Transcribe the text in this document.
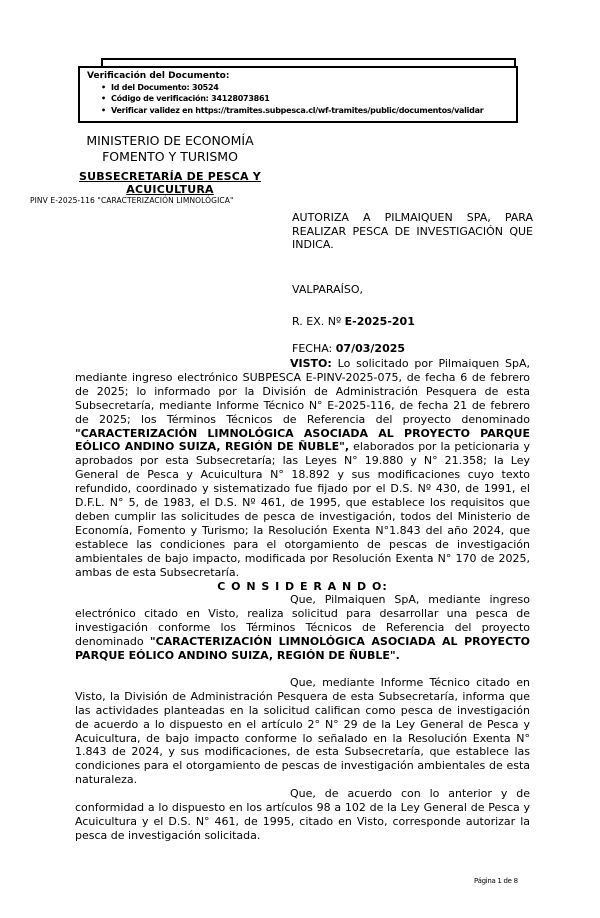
Verificación del Documento:
• Id del Documento: 30524
• Código de verificación: 34128073861
• Verificar validez en https://tramites.subpesca.cl/wf-tramites/public/documentos/validar
MINISTERIO DE ECONOMÍA
FOMENTO Y TURISMO
SUBSECRETARÍA DE PESCA Y
ACUICULTURA
PINV E-2025-116 "CARACTERIZACIÓN LIMNOLÓGICA"
AUTORIZA A PILMAIQUEN SPA, PARA REALIZAR PESCA DE INVESTIGACIÓN QUE INDICA.
VALPARAÍSO,
R. EX. Nº E-2025-201
FECHA: 07/03/2025

VISTO: Lo solicitado por Pilmaiquen SpA, mediante ingreso electrónico SUBPESCA E-PINV-2025-075, de fecha 6 de febrero de 2025; lo informado por la División de Administración Pesquera de esta Subsecretaría, mediante Informe Técnico N° E-2025-116, de fecha 21 de febrero de 2025; los Términos Técnicos de Referencia del proyecto denominado "CARACTERIZACIÓN LIMNOLÓGICA ASOCIADA AL PROYECTO PARQUE EÓLICO ANDINO SUIZA, REGIÓN DE ÑUBLE", elaborados por la peticionaria y aprobados por esta Subsecretaría; las Leyes N° 19.880 y N° 21.358; la Ley General de Pesca y Acuicultura N° 18.892 y sus modificaciones cuyo texto refundido, coordinado y sistematizado fue fijado por el D.S. Nº 430, de 1991, el D.F.L. N° 5, de 1983, el D.S. Nº 461, de 1995, que establece los requisitos que deben cumplir las solicitudes de pesca de investigación, todos del Ministerio de Economía, Fomento y Turismo; la Resolución Exenta N°1.843 del año 2024, que establece las condiciones para el otorgamiento de pescas de investigación ambientales de bajo impacto, modificada por Resolución Exenta N° 170 de 2025, ambas de esta Subsecretaría.

C O N S I D E R A N D O:

Que, Pilmaiquen SpA, mediante ingreso electrónico citado en Visto, realiza solicitud para desarrollar una pesca de investigación conforme los Términos Técnicos de Referencia del proyecto denominado "CARACTERIZACIÓN LIMNOLÓGICA ASOCIADA AL PROYECTO PARQUE EÓLICO ANDINO SUIZA, REGIÓN DE ÑUBLE".

Que, mediante Informe Técnico citado en Visto, la División de Administración Pesquera de esta Subsecretaría, informa que las actividades planteadas en la solicitud califican como pesca de investigación de acuerdo a lo dispuesto en el artículo 2° N° 29 de la Ley General de Pesca y Acuicultura, de bajo impacto conforme lo señalado en la Resolución Exenta N° 1.843 de 2024, y sus modificaciones, de esta Subsecretaría, que establece las condiciones para el otorgamiento de pescas de investigación ambientales de esta naturaleza.

Que, de acuerdo con lo anterior y de conformidad a lo dispuesto en los artículos 98 a 102 de la Ley General de Pesca y Acuicultura y el D.S. N° 461, de 1995, citado en Visto, corresponde autorizar la pesca de investigación solicitada.

Página 1 de 8
